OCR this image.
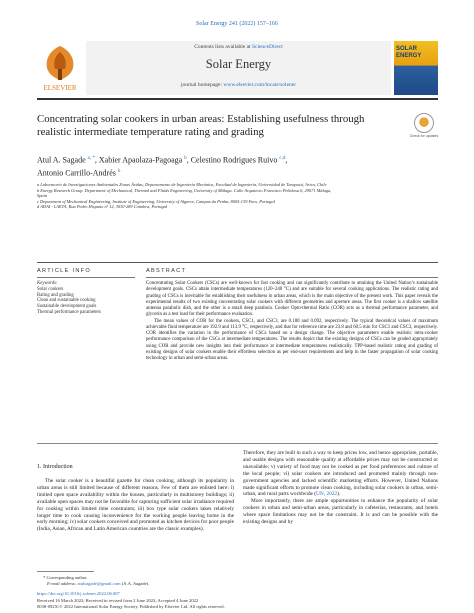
Solar Energy 241 (2022) 157–166
ELSEVIER
Contents lists available at ScienceDirect
Solar Energy
journal homepage: www.elsevier.com/locate/solener
SOLAR ENERGY
Concentrating solar cookers in urban areas: Establishing usefulness through realistic intermediate temperature rating and grading	Check for updates
Atul A. Sagade $^{a, *}$, Xabier Apaolaza-Pagoaga $^b$, Celestino Rodrigues Ruivo $^{c,d}$,
Antonio Carrillo-Andrés $^b$
a Laboratorio de Investigaciones Ambientales Zonas Áridas, Departamento de Ingeniería Mecánica, Facultad de Ingeniería, Universidad de Tarapacá, Arica, Chile
b Energy Research Group. Department of Mechanical, Thermal and Fluids Engineering, University of Málaga. Calle Arquitecto Francisco Peñalosa 6, 29071 Málaga,
Spain
c Department of Mechanical Engineering, Institute of Engineering, University of Algarve, Campus da Penha, 8005-139 Faro, Portugal
d ADAI - LAETA, Rua Pedro Hispano nº 12, 3030-289 Coimbra, Portugal
ARTICLE INFO
Keywords:
Solar cookers
Rating and grading
Clean and sustainable cooking
Sustainable development goals
Thermal performance parameters
ABSTRACT

Concentrating Solar Cookers (CSCs) are well-known for fast cooking and can significantly contribute to attaining the United Nation’s sustainable development goals. CSCs attain intermediate temperatures (120–240 °C) and are suitable for several cooking applications. The realistic rating and grading of CSCs is inevitable for establishing their usefulness in urban areas, which is the main objective of the present work. This paper reveals the experimental results of two existing concentrating solar cookers with different geometries and aperture areas. The first cooker is a shallow satellite antenna parabolic dish, and the other is a small deep parabola. Cooker Opto-thermal Ratio (COR) acts as a thermal performance parameter, and glycerin as a test load for their performance evaluation.

The mean values of COR for the cookers, CSC1, and CSC3, are 0.180 and 0.092, respectively. The typical theoretical values of maximum achievable fluid temperature are 192.9 and 113.9 °C, respectively, and that for reference time are 23.8 and 60.5 min for CSC1 and CSC3, respectively. COR identifies the variation in the performance of CSCs based on a design change. The objective parameters enable realistic intra-cooker performance comparison of the CSCs at intermediate temperatures. The results depict that the existing designs of CSCs can be graded appropriately using COR and provide new insights into their performance at intermediate temperatures realistically. TPP-based realistic rating and grading of existing designs of solar cookers enable their effortless selection as per end-user requirements and help in the faster propagation of solar cooking technology in urban and semi-urban areas.

1. Introduction

The solar cooker is a beautiful gazette for clean cooking, although its popularity in urban areas is still limited because of different reasons. Few of them are enlisted here: i) limited open space availability within the houses, particularly in multistorey buildings; ii) available open spaces may not be favorable for capturing sufficient solar irradiance required for cooking within limited time constraints; iii) box type solar cookers takes relatively longer time to cook causing inconvenience for the working people leaving home in the early morning; iv) solar cookers conceived and promoted as kitchen devices for poor people (India, Asian, African and Latin American countries are the classic examples).

Therefore, they are built in such a way to keep prices low, and hence appropriate, portable, and usable designs with reasonable quality at affordable prices may not be constructed or unavailable; v) variety of food may not be cooked as per food preferences and culture of the local people; vi) solar cookers are introduced and promoted mainly through non-government agencies and lacked scientific marketing efforts. However, United Nations made significant efforts to promote clean cooking, including solar cookers in urban, semi-urban, and rural parts worldwide (UN, 2022).

More importantly, there are ample opportunities to enhance the popularity of solar cookers in urban and semi-urban areas, particularly in cafeterias, restaurants, and hotels where space limitations may not be the constraint. It is and can be possible with the existing designs and by

* Corresponding author.
E-mail address: atulsagade@gmail.com (A.A. Sagade).
https://doi.org/10.1016/j.solener.2022.06.007
Received 16 March 2022; Received in revised form 2 June 2022; Accepted 4 June 2022
0038-092X/© 2022 International Solar Energy Society. Published by Elsevier Ltd. All rights reserved.
